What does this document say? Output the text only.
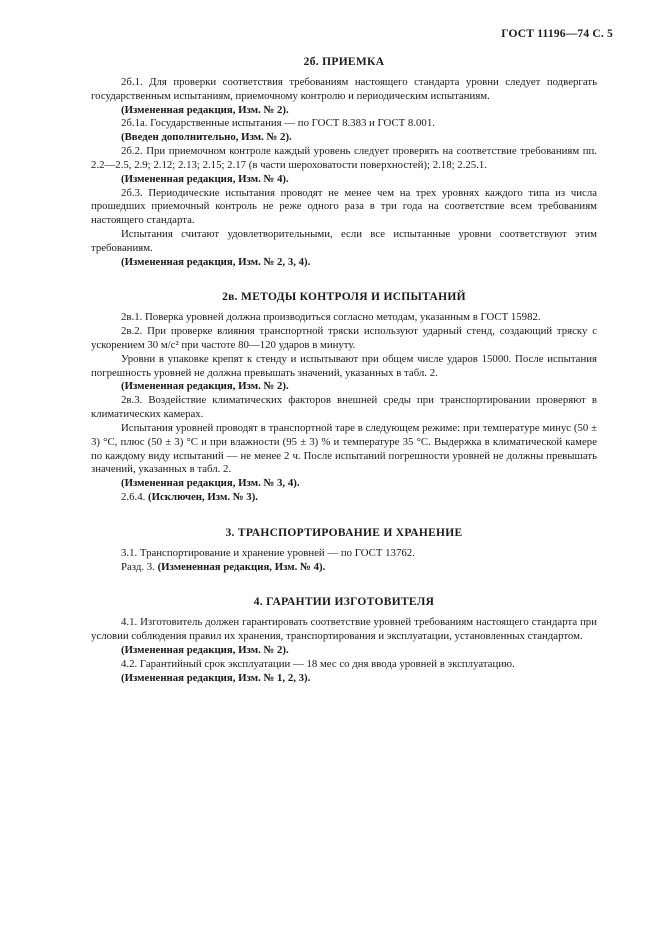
ГОСТ 11196—74 С. 5
2б. ПРИЕМКА

2б.1. Для проверки соответствия требованиям настоящего стандарта уровни следует подвергать государственным испытаниям, приемочному контролю и периодическим испытаниям.

(Измененная редакция, Изм. № 2).

2б.1а. Государственные испытания — по ГОСТ 8.383 и ГОСТ 8.001.

(Введен дополнительно, Изм. № 2).

2б.2. При приемочном контроле каждый уровень следует проверять на соответствие требованиям пп. 2.2—2.5, 2.9; 2.12; 2.13; 2.15; 2.17 (в части шероховатости поверхностей); 2.18; 2.25.1.

(Измененная редакция, Изм. № 4).

2б.3. Периодические испытания проводят не менее чем на трех уровнях каждого типа из числа прошедших приемочный контроль не реже одного раза в три года на соответствие всем требованиям настоящего стандарта.

Испытания считают удовлетворительными, если все испытанные уровни соответствуют этим требованиям.

(Измененная редакция, Изм. № 2, 3, 4).

2в. МЕТОДЫ КОНТРОЛЯ И ИСПЫТАНИЙ

2в.1. Поверка уровней должна производиться согласно методам, указанным в ГОСТ 15982.

2в.2. При проверке влияния транспортной тряски используют ударный стенд, создающий тряску с ускорением 30 м/с² при частоте 80—120 ударов в минуту.

Уровни в упаковке крепят к стенду и испытывают при общем числе ударов 15000. После испытания погрешность уровней не должна превышать значений, указанных в табл. 2.

(Измененная редакция, Изм. № 2).

2в.3. Воздействие климатических факторов внешней среды при транспортировании проверяют в климатических камерах.

Испытания уровней проводят в транспортной таре в следующем режиме: при температуре минус (50 ± 3) °С, плюс (50 ± 3) °С и при влажности (95 ± 3) % и температуре 35 °С. Выдержка в климатической камере по каждому виду испытаний — не менее 2 ч. После испытаний погрешности уровней не должны превышать значений, указанных в табл. 2.

(Измененная редакция, Изм. № 3, 4).

2.6.4. (Исключен, Изм. № 3).

3. ТРАНСПОРТИРОВАНИЕ И ХРАНЕНИЕ

3.1. Транспортирование и хранение уровней — по ГОСТ 13762.

Разд. 3. (Измененная редакция, Изм. № 4).

4. ГАРАНТИИ ИЗГОТОВИТЕЛЯ

4.1. Изготовитель должен гарантировать соответствие уровней требованиям настоящего стандарта при условии соблюдения правил их хранения, транспортирования и эксплуатации, установленных стандартом.

(Измененная редакция, Изм. № 2).

4.2. Гарантийный срок эксплуатации — 18 мес со дня ввода уровней в эксплуатацию.

(Измененная редакция, Изм. № 1, 2, 3).
